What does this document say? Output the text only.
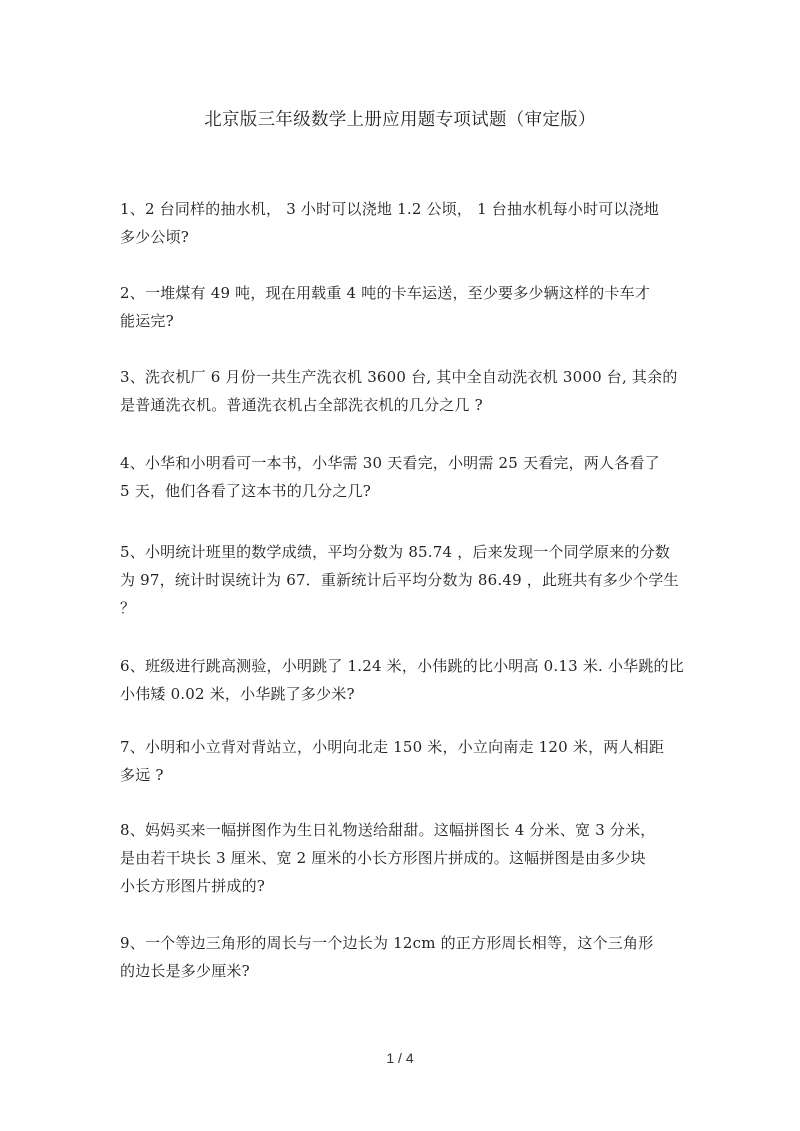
北京版三年级数学上册应用题专项试题（审定版）
1、2 台同样的抽水机， 3 小时可以浇地 1.2 公顷， 1 台抽水机每小时可以浇地
多少公顷?
2、一堆煤有 49 吨，现在用载重 4 吨的卡车运送，至少要多少辆这样的卡车才
能运完?
3、洗衣机厂 6 月份一共生产洗衣机 3600 台, 其中全自动洗衣机 3000 台, 其余的
是普通洗衣机。普通洗衣机占全部洗衣机的几分之几 ?
4、小华和小明看可一本书，小华需 30 天看完，小明需 25 天看完，两人各看了
5 天，他们各看了这本书的几分之几?
5、小明统计班里的数学成绩，平均分数为 85.74 ，后来发现一个同学原来的分数
为 97，统计时误统计为 67．重新统计后平均分数为 86.49 ，此班共有多少个学生
？
6、班级进行跳高测验，小明跳了 1.24 米，小伟跳的比小明高 0.13 米. 小华跳的比
小伟矮 0.02 米，小华跳了多少米?
7、小明和小立背对背站立，小明向北走 150 米，小立向南走 120 米，两人相距
多远 ?
8、妈妈买来一幅拼图作为生日礼物送给甜甜。这幅拼图长 4 分米、宽 3 分米，
是由若干块长 3 厘米、宽 2 厘米的小长方形图片拼成的。这幅拼图是由多少块
小长方形图片拼成的?
9、一个等边三角形的周长与一个边长为 12cm 的正方形周长相等，这个三角形
的边长是多少厘米?
1 / 4
